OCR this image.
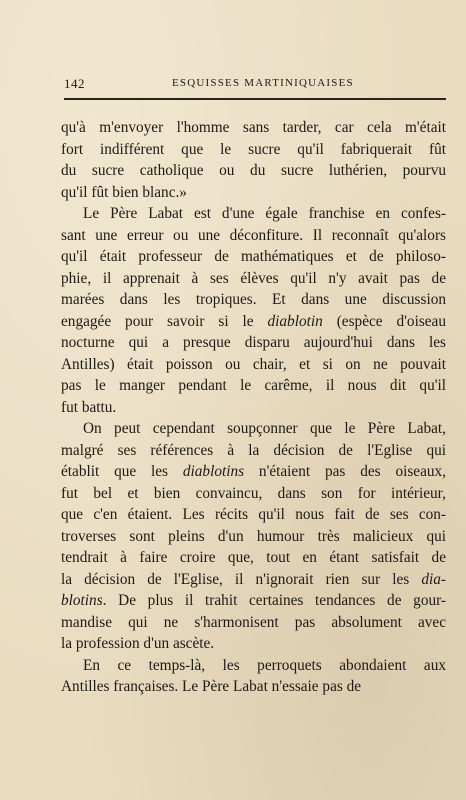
142	ESQUISSES MARTINIQUAISES
qu'à m'envoyer l'homme sans tarder, car cela m'était
fort indifférent que le sucre qu'il fabriquerait fût
du sucre catholique ou du sucre luthérien, pourvu
qu'il fût bien blanc.»
Le Père Labat est d'une égale franchise en confes-
sant une erreur ou une déconfiture. Il reconnaît qu'alors
qu'il était professeur de mathématiques et de philoso-
phie, il apprenait à ses élèves qu'il n'y avait pas de
marées dans les tropiques. Et dans une discussion
engagée pour savoir si le diablotin (espèce d'oiseau
nocturne qui a presque disparu aujourd'hui dans les
Antilles) était poisson ou chair, et si on ne pouvait
pas le manger pendant le carême, il nous dit qu'il
fut battu.
On peut cependant soupçonner que le Père Labat,
malgré ses références à la décision de l'Eglise qui
établit que les diablotins n'étaient pas des oiseaux,
fut bel et bien convaincu, dans son for intérieur,
que c'en étaient. Les récits qu'il nous fait de ses con-
troverses sont pleins d'un humour très malicieux qui
tendrait à faire croire que, tout en étant satisfait de
la décision de l'Eglise, il n'ignorait rien sur les dia-
blotins. De plus il trahit certaines tendances de gour-
mandise qui ne s'harmonisent pas absolument avec
la profession d'un ascète.
En ce temps-là, les perroquets abondaient aux
Antilles françaises. Le Père Labat n'essaie pas de
